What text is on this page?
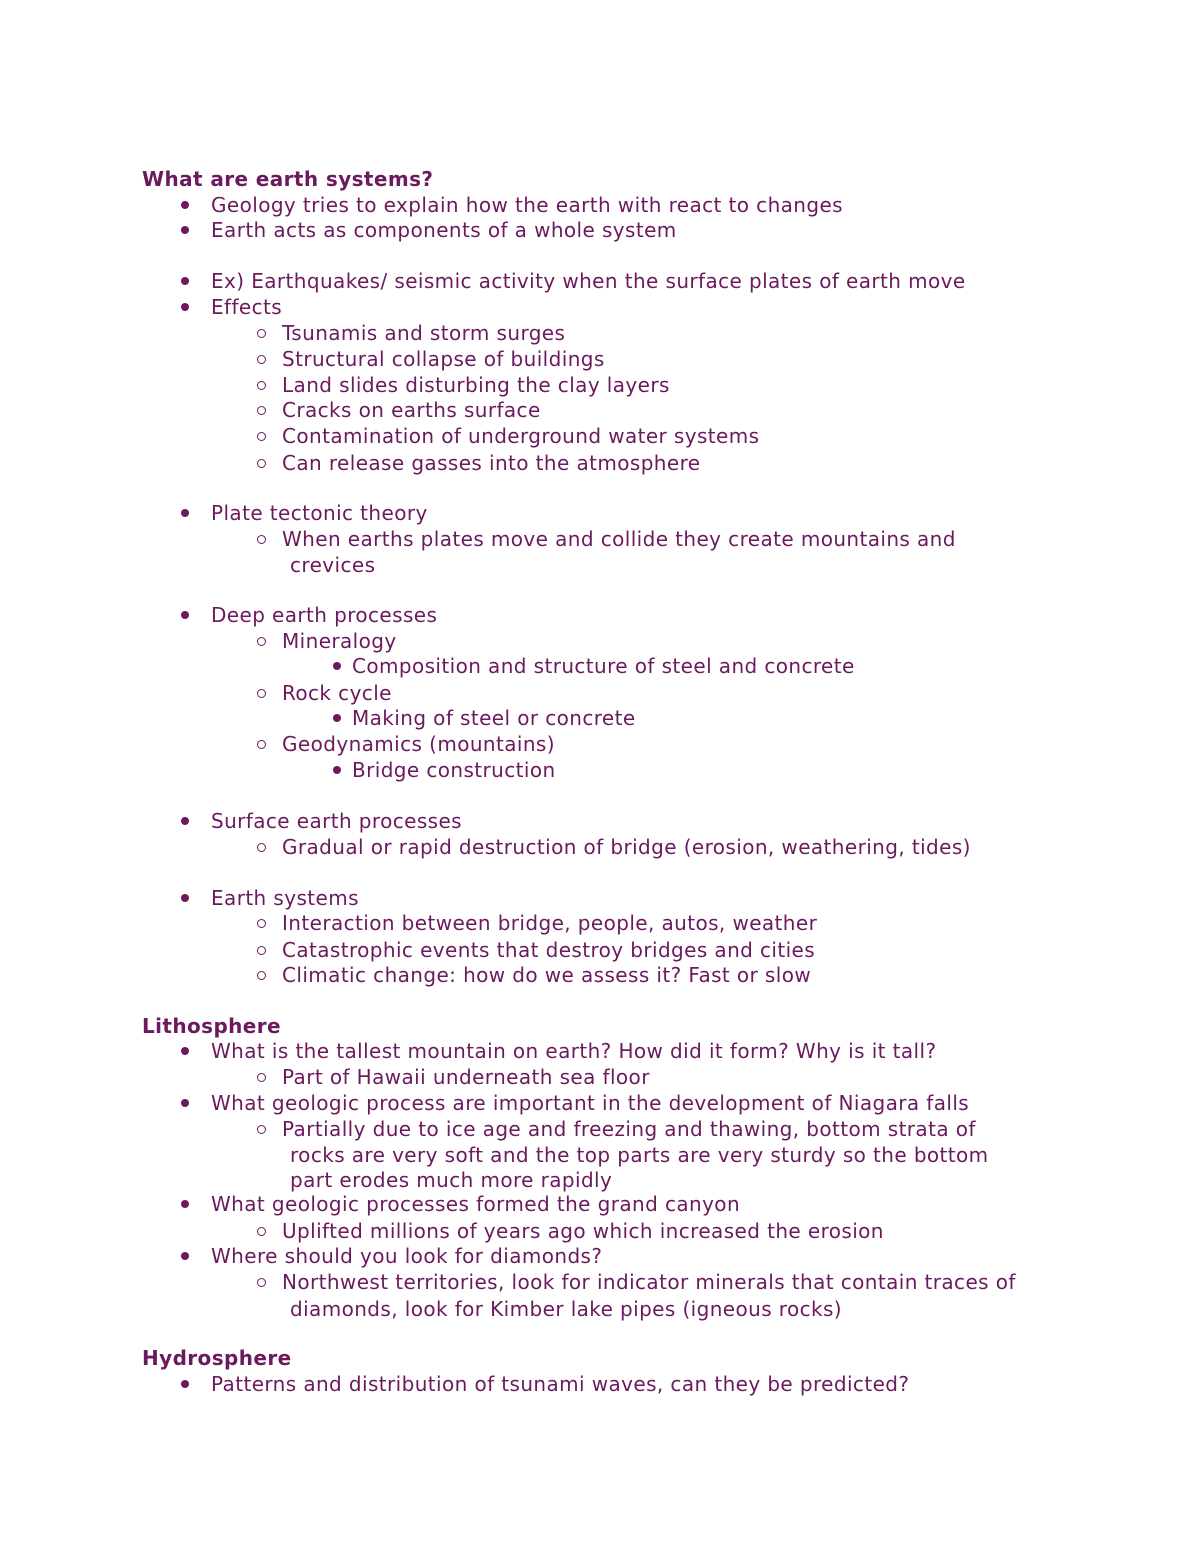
What are earth systems?
Geology tries to explain how the earth with react to changes
Earth acts as components of a whole system
Ex) Earthquakes/ seismic activity when the surface plates of earth move
Effects
Tsunamis and storm surges
Structural collapse of buildings
Land slides disturbing the clay layers
Cracks on earths surface
Contamination of underground water systems
Can release gasses into the atmosphere
Plate tectonic theory
When earths plates move and collide they create mountains and
crevices
Deep earth processes
Mineralogy
Composition and structure of steel and concrete
Rock cycle
Making of steel or concrete
Geodynamics (mountains)
Bridge construction
Surface earth processes
Gradual or rapid destruction of bridge (erosion, weathering, tides)
Earth systems
Interaction between bridge, people, autos, weather
Catastrophic events that destroy bridges and cities
Climatic change: how do we assess it? Fast or slow
Lithosphere
What is the tallest mountain on earth? How did it form? Why is it tall?
Part of Hawaii underneath sea floor
What geologic process are important in the development of Niagara falls
Partially due to ice age and freezing and thawing, bottom strata of
rocks are very soft and the top parts are very sturdy so the bottom
part erodes much more rapidly
What geologic processes formed the grand canyon
Uplifted millions of years ago which increased the erosion
Where should you look for diamonds?
Northwest territories, look for indicator minerals that contain traces of
diamonds, look for Kimber lake pipes (igneous rocks)
Hydrosphere
Patterns and distribution of tsunami waves, can they be predicted?
